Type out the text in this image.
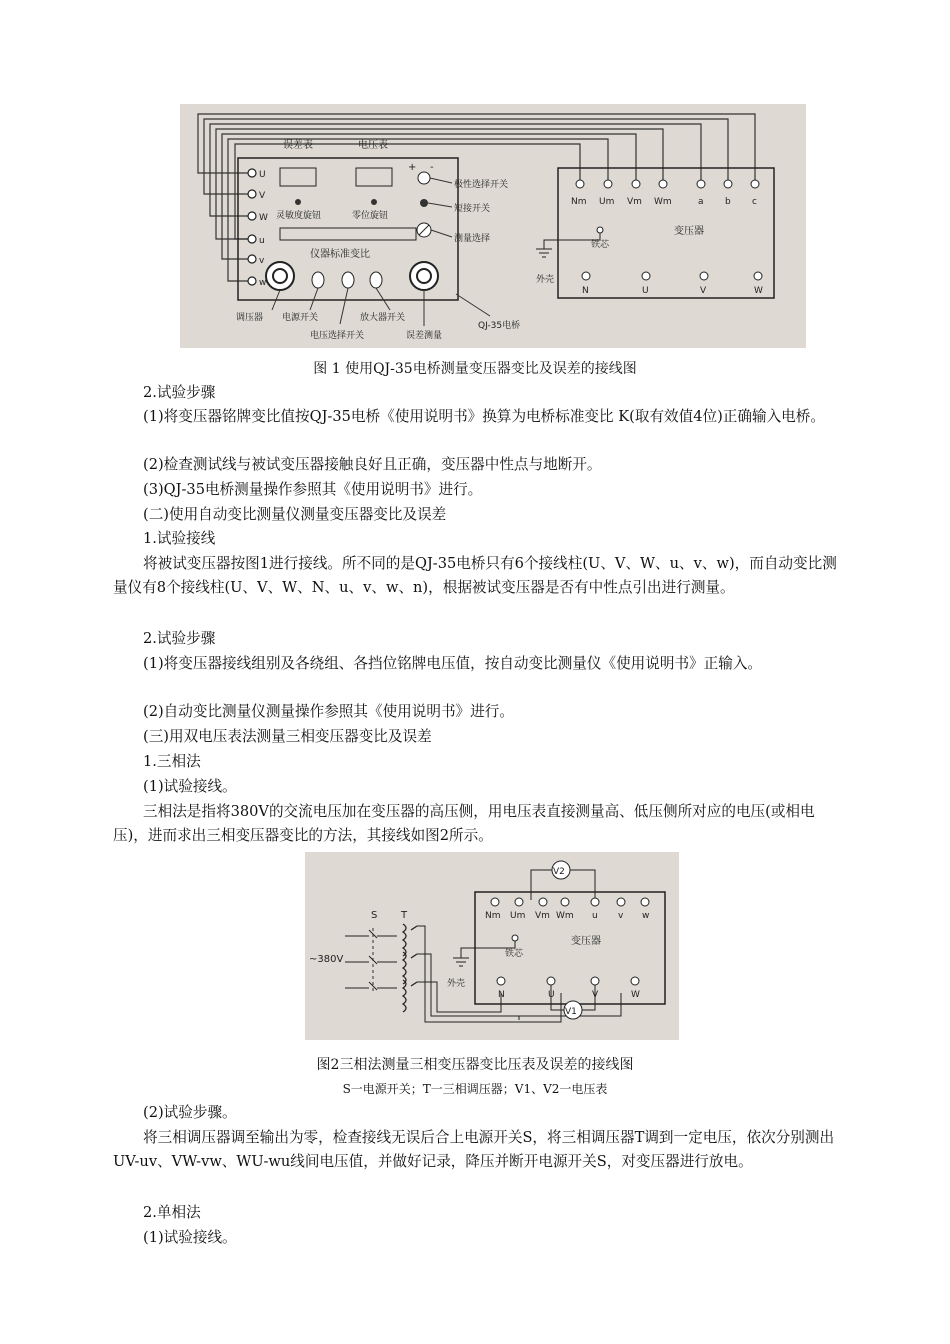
U
V
W
u
v
w
误差表	电压表
灵敏度旋钮	零位旋钮
仪器标准变比
+ -
极性选择开关
短接开关
测量选择
调压器 电源开关
电压选择开关
放大器开关
误差测量
QJ-35电桥
Nm Um Vm Wm	a b c
变压器
铁芯
外壳
N	U	V	W
图 1 使用QJ-35电桥测量变压器变比及误差的接线图

2.试验步骤

(1)将变压器铭牌变比值按QJ-35电桥《使用说明书》换算为电桥标准变比 K(取有效值4位)正确输入电桥。

(2)检查测试线与被试变压器接触良好且正确，变压器中性点与地断开。

(3)QJ-35电桥测量操作参照其《使用说明书》进行。

(二)使用自动变比测量仪测量变压器变比及误差

1.试验接线

将被试变压器按图1进行接线。所不同的是QJ-35电桥只有6个接线柱(U、V、W、u、v、w)，而自动变比测量仪有8个接线柱(U、V、W、N、u、v、w、n)，根据被试变压器是否有中性点引出进行测量。

2.试验步骤

(1)将变压器接线组别及各绕组、各挡位铭牌电压值，按自动变比测量仪《使用说明书》正输入。

(2)自动变比测量仪测量操作参照其《使用说明书》进行。

(三)用双电压表法测量三相变压器变比及误差

1.三相法

(1)试验接线。

三相法是指将380V的交流电压加在变压器的高压侧，用电压表直接测量高、低压侧所对应的电压(或相电压)，进而求出三相变压器变比的方法，其接线如图2所示。

S
~380V
T
V2
Nm Um Vm Wm u v w
变压器
铁芯
外壳
N	U	V	W
V1
图2三相法测量三相变压器变比压表及误差的接线图
S一电源开关；T一三相调压器；V1、V2一电压表

(2)试验步骤。

将三相调压器调至输出为零，检查接线无误后合上电源开关S，将三相调压器T调到一定电压，依次分别测出UV-uv、VW-vw、WU-wu线间电压值，并做好记录，降压并断开电源开关S，对变压器进行放电。

2.单相法

(1)试验接线。
